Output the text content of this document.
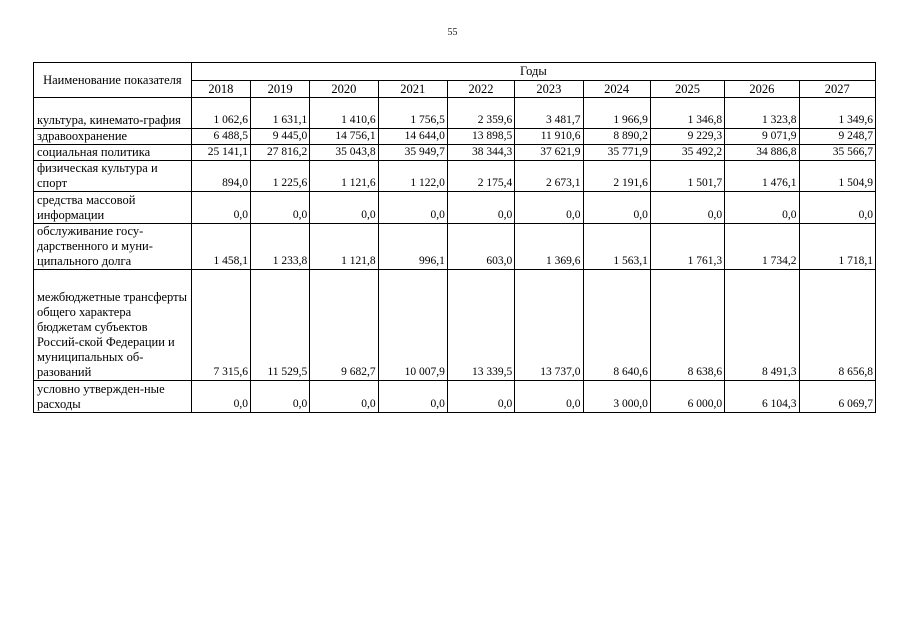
55
Наименование показателя	Годы									
	2018	2019	2020	2021	2022	2023	2024	2025	2026	2027
культура, кинемато-графия	1 062,6	1 631,1	1 410,6	1 756,5	2 359,6	3 481,7	1 966,9	1 346,8	1 323,8	1 349,6
здравоохранение	6 488,5	9 445,0	14 756,1	14 644,0	13 898,5	11 910,6	8 890,2	9 229,3	9 071,9	9 248,7
социальная политика	25 141,1	27 816,2	35 043,8	35 949,7	38 344,3	37 621,9	35 771,9	35 492,2	34 886,8	35 566,7
физическая культура и спорт	894,0	1 225,6	1 121,6	1 122,0	2 175,4	2 673,1	2 191,6	1 501,7	1 476,1	1 504,9
средства массовой информации	0,0	0,0	0,0	0,0	0,0	0,0	0,0	0,0	0,0	0,0
обслуживание госу-дарственного и муни-ципального долга	1 458,1	1 233,8	1 121,8	996,1	603,0	1 369,6	1 563,1	1 761,3	1 734,2	1 718,1
межбюджетные трансферты общего характера бюджетам субъектов Россий-ской Федерации и муниципальных об-разований	7 315,6	11 529,5	9 682,7	10 007,9	13 339,5	13 737,0	8 640,6	8 638,6	8 491,3	8 656,8
условно утвержден-ные расходы	0,0	0,0	0,0	0,0	0,0	0,0	3 000,0	6 000,0	6 104,3	6 069,7
